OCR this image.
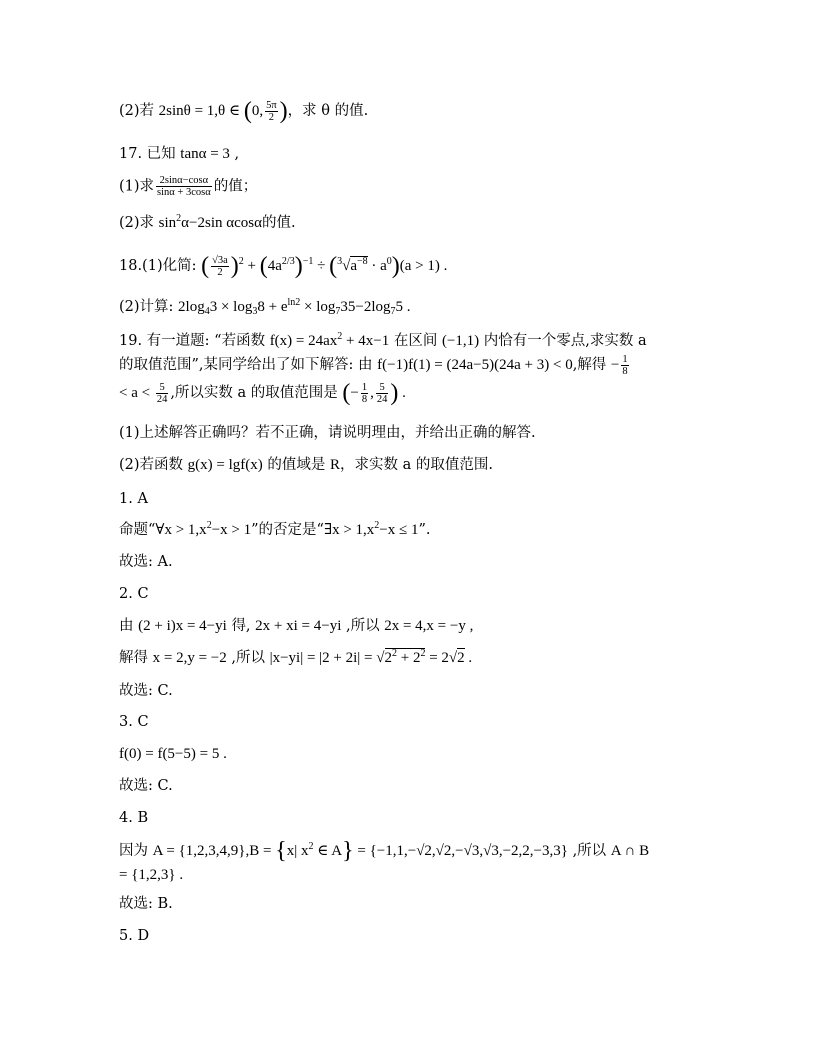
(2)若 2sinθ = 1,θ ∈ (0, $\frac{5\pi}{2}$ )，求 θ 的值.
17. 已知 tanα = 3 ,
(1)求 $\frac{2\sin\alpha-\cos\alpha}{\sin\alpha + 3\cos\alpha}$ 的值；
(2)求 $\sin^2\alpha-2\sin$ αcosα的值.
18.(1)化简: ( $\frac{√3a}{2} )^2 + (4a^{2/3})^{-1} \div (^3√a^{-8} \cdot a^0)(a > 1)$ .
(2)计算: $2\log_43 \times \log_38 + e^{ln2} \times \log_735-2\log_75$ .
19. 有一道题: “若函数 $f(x) = 24ax^2 + 4x-1$ 在区间 (−1,1) 内恰有一个零点,求实数 a
的取值范围”,某同学给出了如下解答: 由 f(−1)f(1) = (24a−5)(24a + 3) < 0,解得 − $\frac{1}{8}$
< $a < \frac{5}{24}$ ,所以实数 a 的取值范围是 (− $\frac{1}{8}$ , $\frac{5}{24}$ ) .
(1)上述解答正确吗？若不正确，请说明理由，并给出正确的解答.
(2)若函数 g(x) = lgf(x) 的值域是 R，求实数 a 的取值范围.
1. A
命题“∀x > $1,x^2-x > 1$”的否定是“∃x > $1,x^2-x \le 1$”.
故选: A.
2. C
由 (2 + i)x = 4−yi 得, 2x + xi = 4−yi ,所以 2x = 4,x = −y ,
解得 x = 2,y = −2 ,所以 $|x-yi| = |2 + 2i| = √2^2 + 2^2 = 2√2$ .
故选: C.
3. C
f(0) = f(5−5) = 5 .
故选: C.
4. B
因为 A = {1,2,3,4,9},B = {x| $x^2$ ∈ A} = {−1,1,−√2,√2,−√3,√3,−2,2,−3,3} ,所以 A ∩ B
= {1,2,3} .
故选: B.
5. D
